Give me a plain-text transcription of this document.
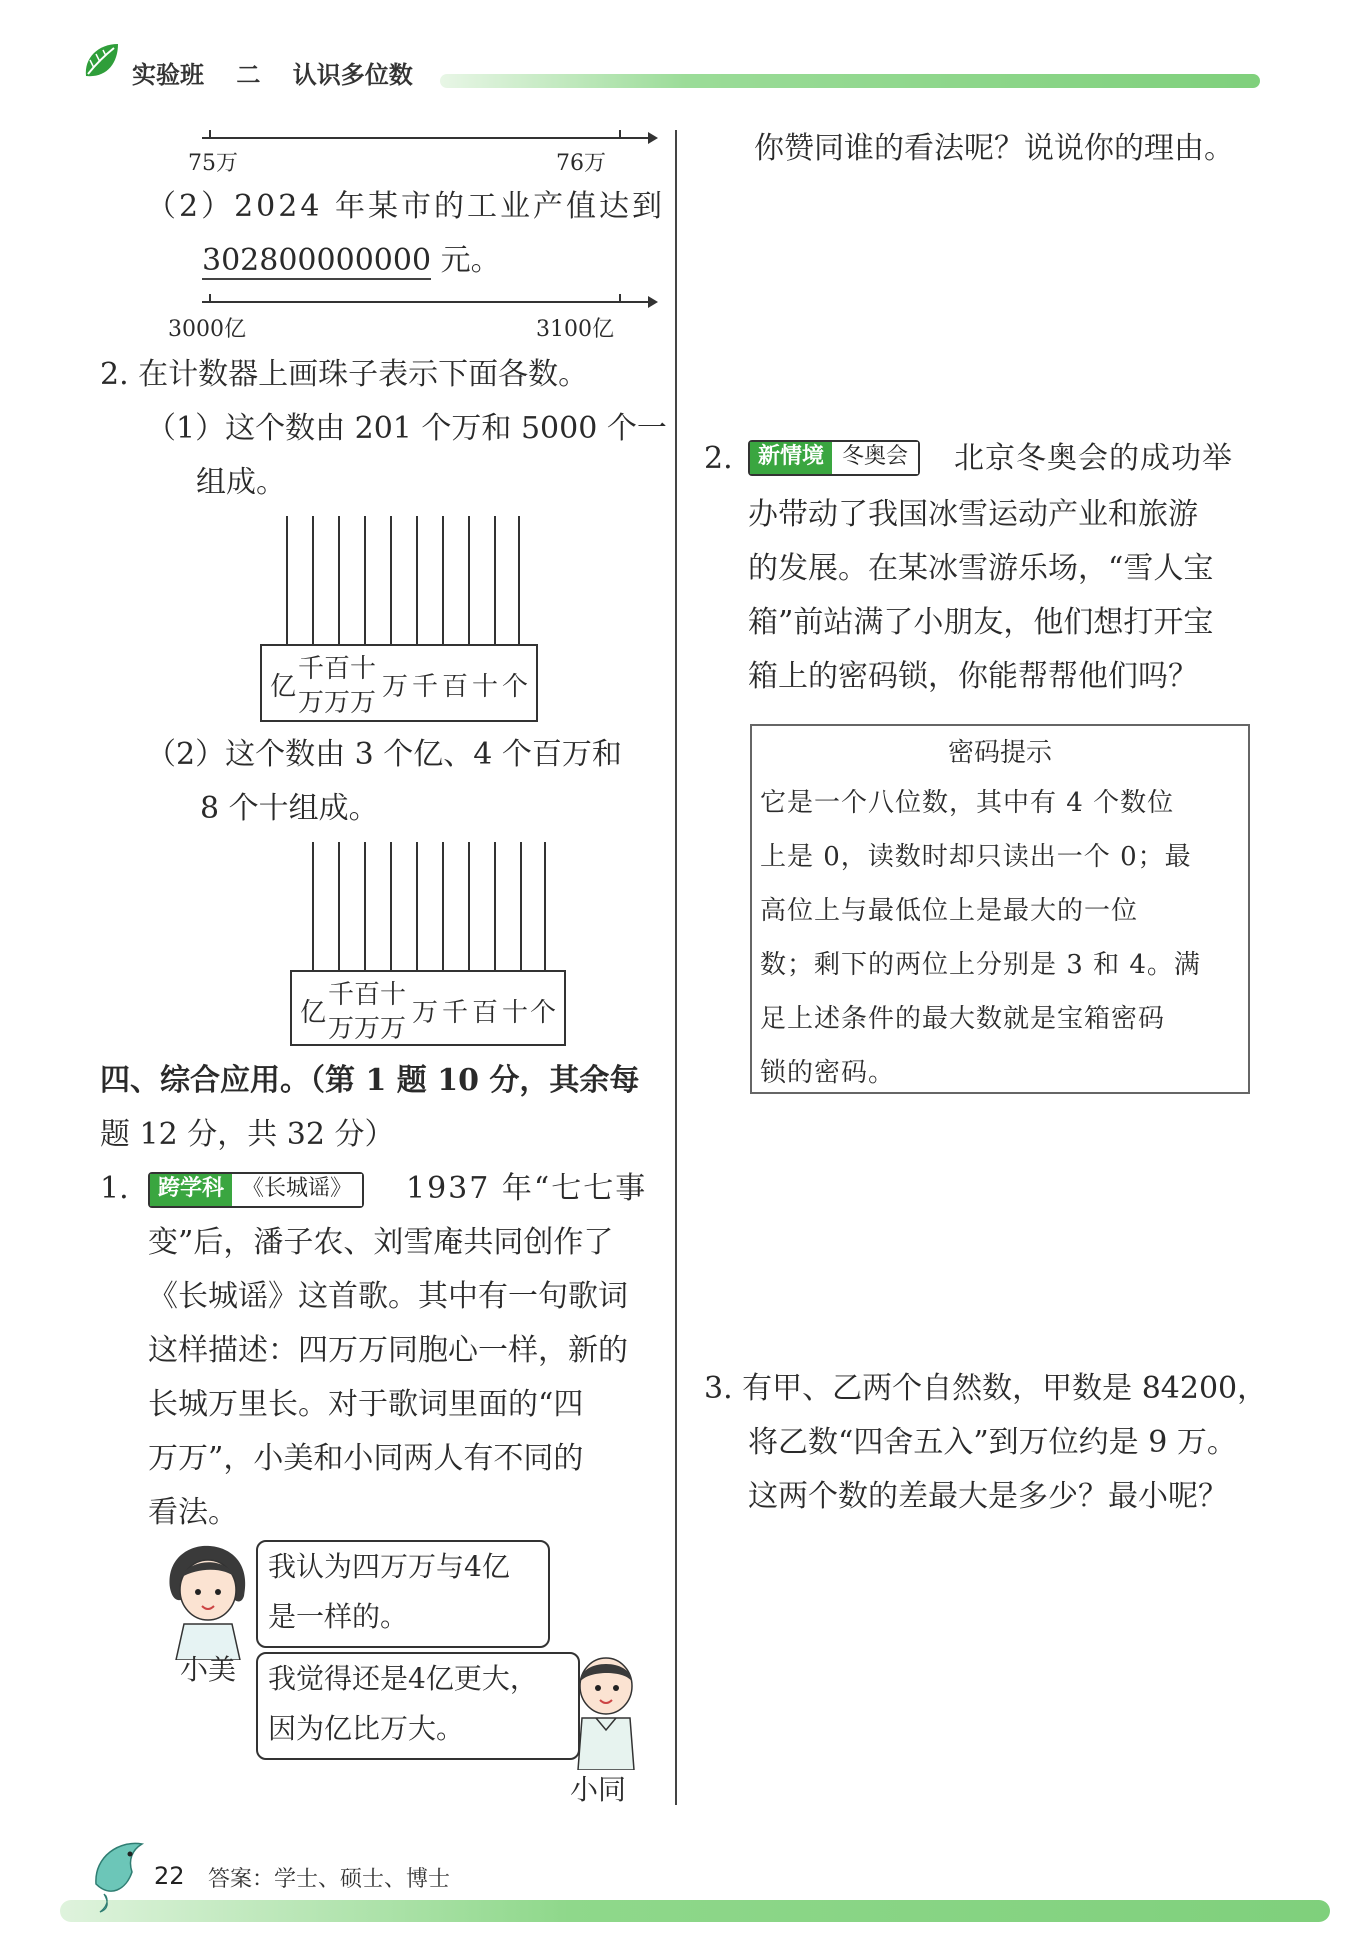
实验班 二 认识多位数
75万	76万
（2）2024 年某市的工业产值达到
302800000000 元。
3000亿	3100亿
2. 在计数器上画珠子表示下面各数。
（1）这个数由 201 个万和 5000 个一
组成。
亿
千 百 十
万 万 万
万 千 百 十 个
（2）这个数由 3 个亿、4 个百万和
8 个十组成。
亿
千 百 十
万 万 万
万 千 百 十 个
四、综合应用。（第 1 题 10 分，其余每
题 12 分，共 32 分）
1.	跨学科 《长城谣》	1937 年“七七事
变”后，潘子农、刘雪庵共同创作了
《长城谣》这首歌。其中有一句歌词
这样描述：四万万同胞心一样，新的
长城万里长。对于歌词里面的“四
万万”，小美和小同两人有不同的
看法。
我认为四万万与4亿
是一样的。
小美 我觉得还是4亿更大，
因为亿比万大。
小同
你赞同谁的看法呢？说说你的理由。
2.	新情境 冬奥会	北京冬奥会的成功举
办带动了我国冰雪运动产业和旅游
的发展。在某冰雪游乐场，“雪人宝
箱”前站满了小朋友，他们想打开宝
箱上的密码锁，你能帮帮他们吗？
密码提示
它是一个八位数，其中有 4 个数位
上是 0，读数时却只读出一个 0；最
高位上与最低位上是最大的一位
数；剩下的两位上分别是 3 和 4。满
足上述条件的最大数就是宝箱密码
锁的密码。
3. 有甲、乙两个自然数，甲数是 84200，
将乙数“四舍五入”到万位约是 9 万。
这两个数的差最大是多少？最小呢？
22 答案：学士、硕士、博士
